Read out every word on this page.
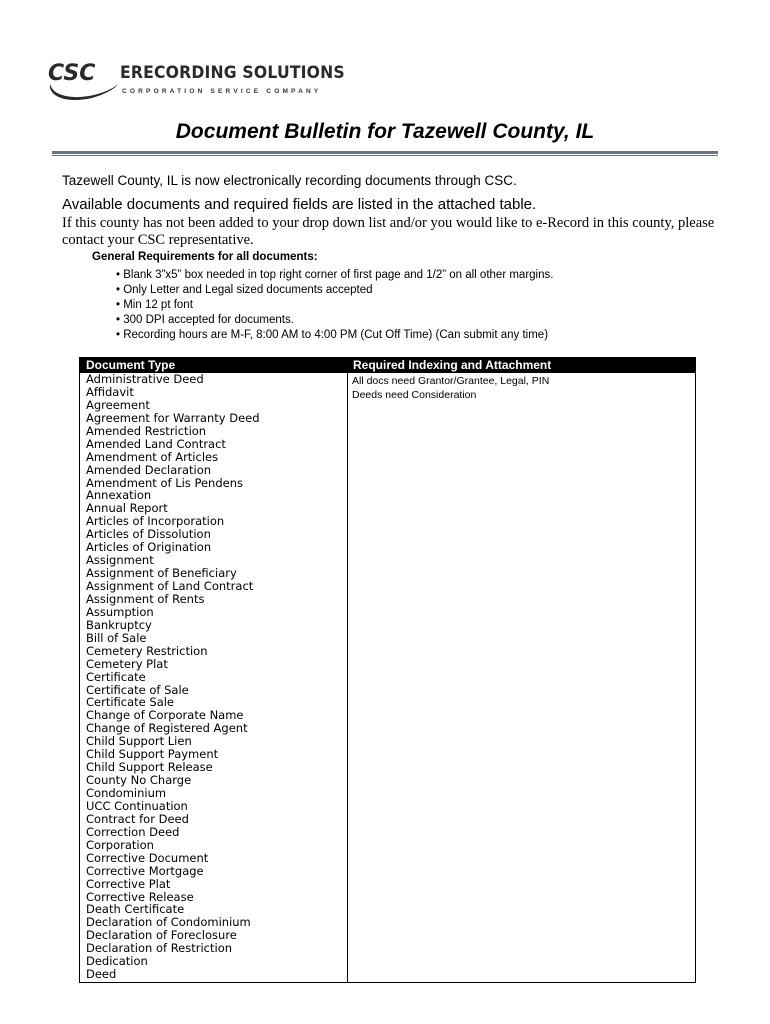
CSC ERECORDING SOLUTIONS
CORPORATION SERVICE COMPANY
Document Bulletin for Tazewell County, IL
Tazewell County, IL is now electronically recording documents through CSC.
Available documents and required fields are listed in the attached table.
If this county has not been added to your drop down list and/or you would like to e-Record in this county, please contact your CSC representative.
General Requirements for all documents:
• Blank 3”x5” box needed in top right corner of first page and 1/2” on all other margins.
• Only Letter and Legal sized documents accepted
• Min 12 pt font
• 300 DPI accepted for documents.
• Recording hours are M-F, 8:00 AM to 4:00 PM (Cut Off Time) (Can submit any time)
Document Type	Required Indexing and Attachment
Administrative Deed
Affidavit
Agreement
Agreement for Warranty Deed
Amended Restriction
Amended Land Contract
Amendment of Articles
Amended Declaration
Amendment of Lis Pendens
Annexation
Annual Report
Articles of Incorporation
Articles of Dissolution
Articles of Origination
Assignment
Assignment of Beneficiary
Assignment of Land Contract
Assignment of Rents
Assumption
Bankruptcy
Bill of Sale
Cemetery Restriction
Cemetery Plat
Certificate
Certificate of Sale
Certificate Sale
Change of Corporate Name
Change of Registered Agent
Child Support Lien
Child Support Payment
Child Support Release
County No Charge
Condominium
UCC Continuation
Contract for Deed
Correction Deed
Corporation
Corrective Document
Corrective Mortgage
Corrective Plat
Corrective Release
Death Certificate
Declaration of Condominium
Declaration of Foreclosure
Declaration of Restriction
Dedication
Deed
All docs need Grantor/Grantee, Legal, PIN
Deeds need Consideration
